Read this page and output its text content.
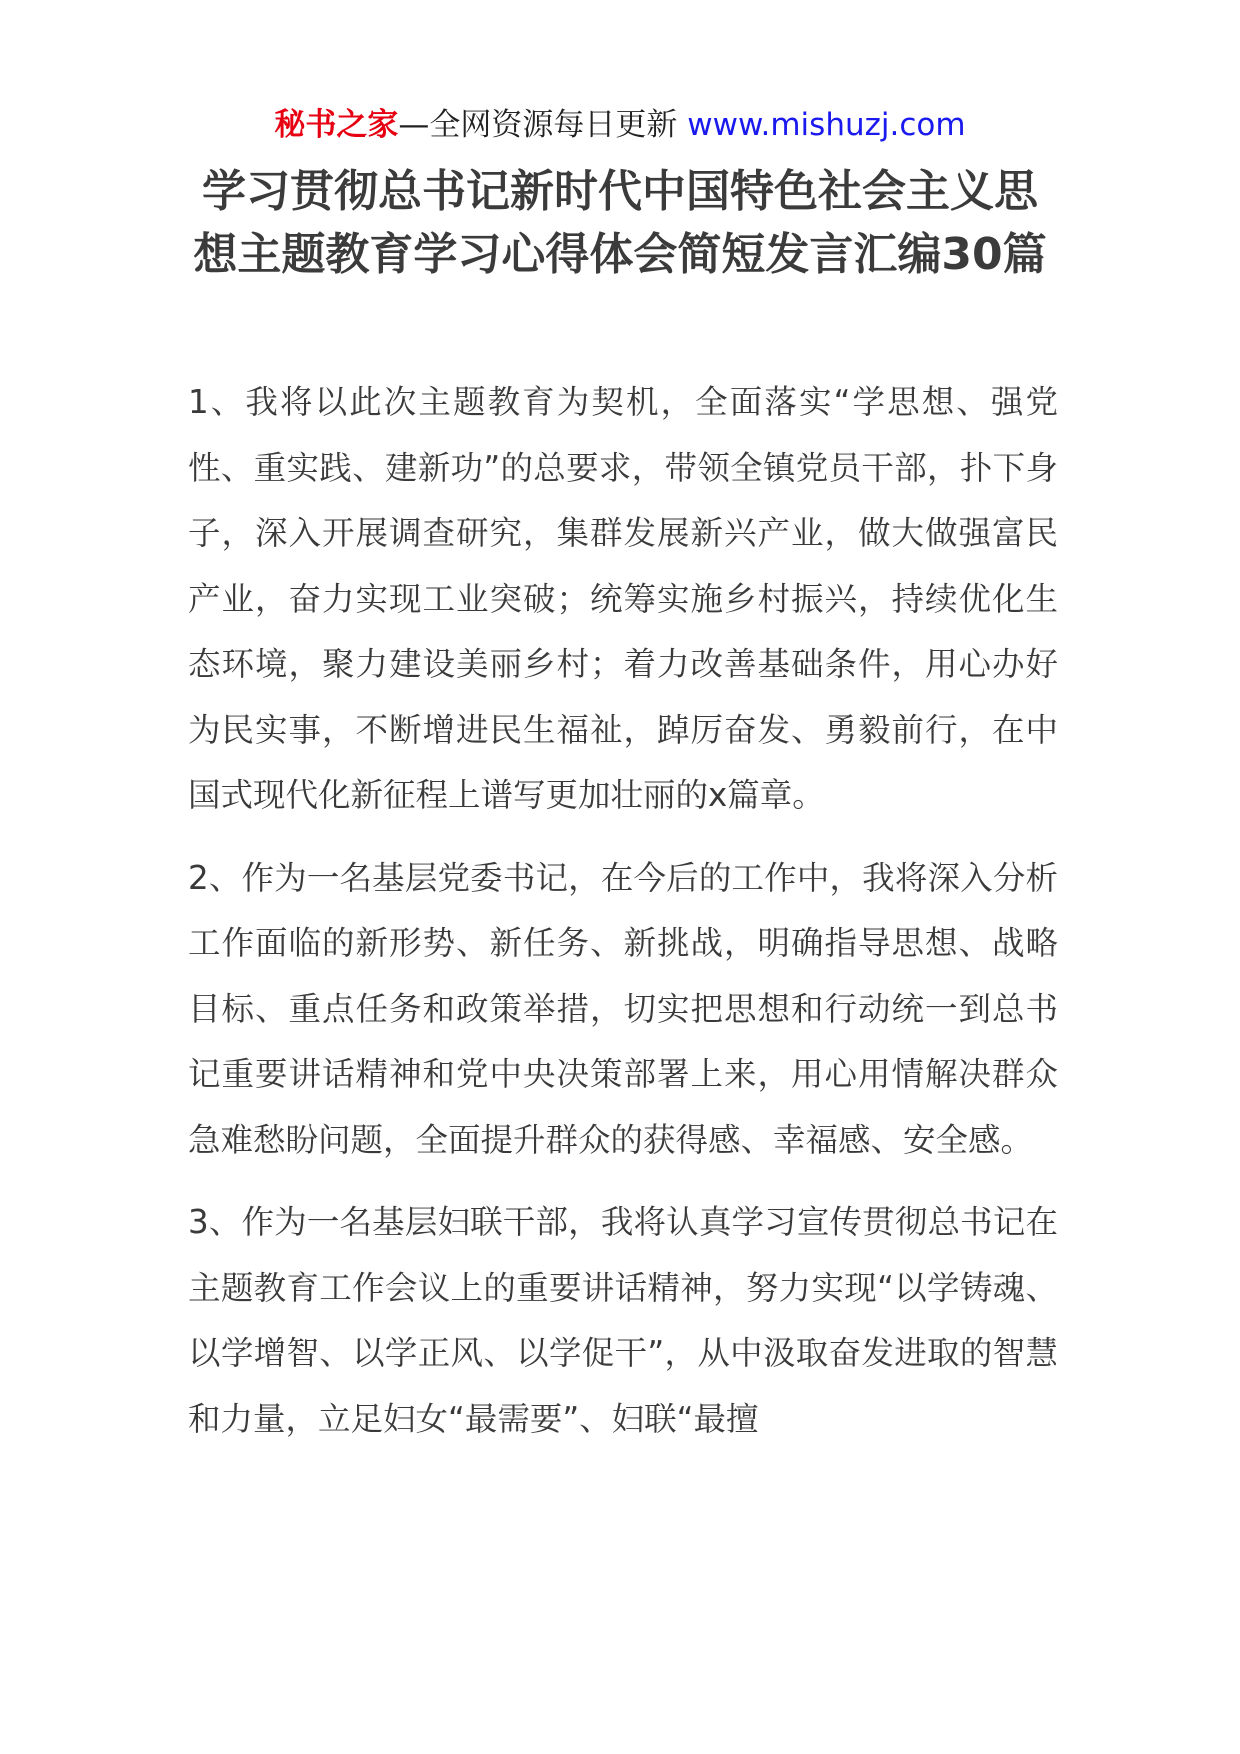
秘书之家—全网资源每日更新 www.mishuzj.com
学习贯彻总书记新时代中国特色社会主义思想主题教育学习心得体会简短发言汇编30篇

1、我将以此次主题教育为契机，全面落实“学思想、强党性、重实践、建新功”的总要求，带领全镇党员干部，扑下身子，深入开展调查研究，集群发展新兴产业，做大做强富民产业，奋力实现工业突破；统筹实施乡村振兴，持续优化生态环境，聚力建设美丽乡村；着力改善基础条件，用心办好为民实事，不断增进民生福祉，踔厉奋发、勇毅前行，在中国式现代化新征程上谱写更加壮丽的x篇章。

2、作为一名基层党委书记，在今后的工作中，我将深入分析工作面临的新形势、新任务、新挑战，明确指导思想、战略目标、重点任务和政策举措，切实把思想和行动统一到总书记重要讲话精神和党中央决策部署上来，用心用情解决群众急难愁盼问题，全面提升群众的获得感、幸福感、安全感。

3、作为一名基层妇联干部，我将认真学习宣传贯彻总书记在主题教育工作会议上的重要讲话精神，努力实现“以学铸魂、以学增智、以学正风、以学促干”，从中汲取奋发进取的智慧和力量，立足妇女“最需要”、妇联“最擅
